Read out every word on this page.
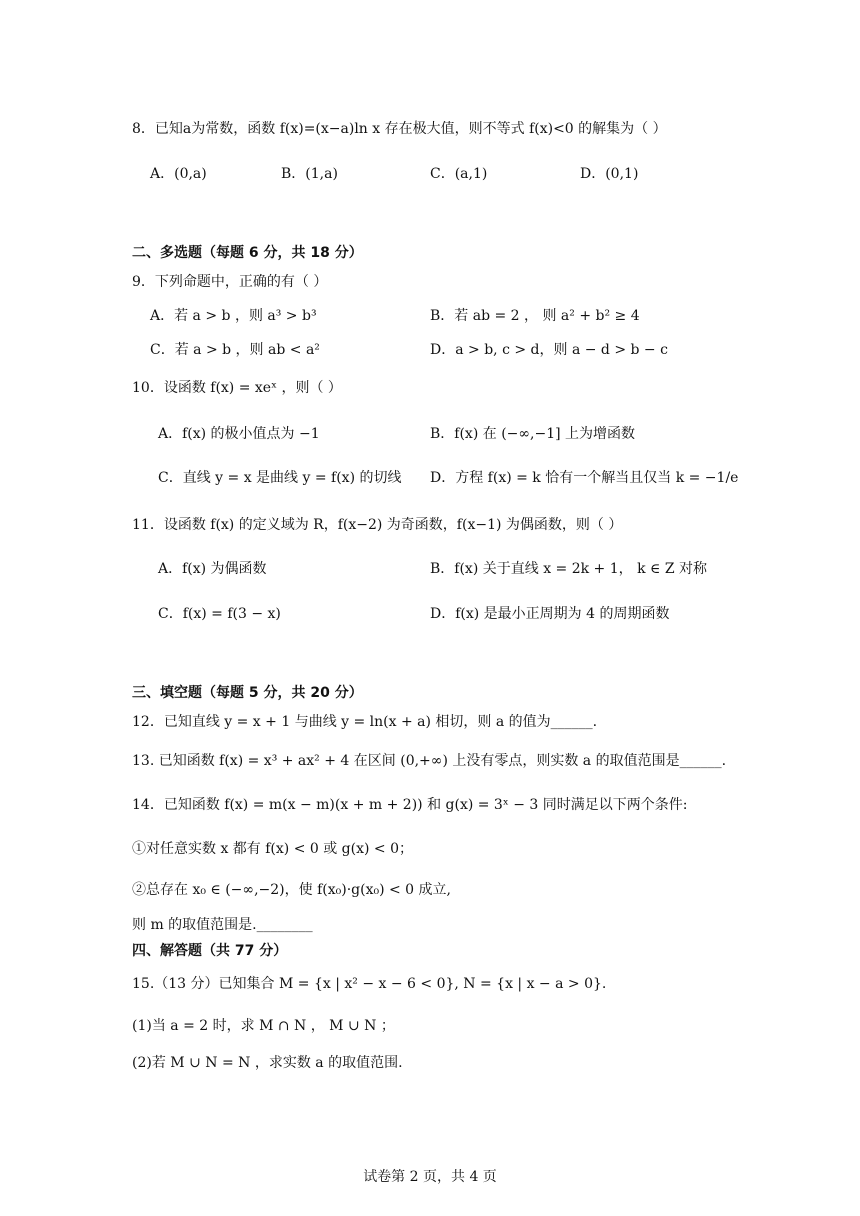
8．已知a为常数，函数 f(x)=(x−a)ln x 存在极大值，则不等式 f(x)<0 的解集为（ ）
A．(0,a)	B．(1,a)	C．(a,1)	D．(0,1)
二、多选题（每题 6 分，共 18 分）
9．下列命题中，正确的有（ ）
A．若 a > b ，则 a³ > b³	B．若 ab = 2 ， 则 a² + b² ≥ 4
C．若 a > b ，则 ab < a²	D．a > b, c > d，则 a − d > b − c
10．设函数 f(x) = xeˣ ，则（ ）
A．f(x) 的极小值点为 −1	B．f(x) 在 (−∞,−1] 上为增函数
C．直线 y = x 是曲线 y = f(x) 的切线 D．方程 f(x) = k 恰有一个解当且仅当 k = −1/e
11．设函数 f(x) 的定义域为 R，f(x−2) 为奇函数，f(x−1) 为偶函数，则（ ）
A．f(x) 为偶函数	B．f(x) 关于直线 x = 2k + 1， k ∈ Z 对称
C．f(x) = f(3 − x)	D．f(x) 是最小正周期为 4 的周期函数
三、填空题（每题 5 分，共 20 分）
12．已知直线 y = x + 1 与曲线 y = ln(x + a) 相切，则 a 的值为______.
13. 已知函数 f(x) = x³ + ax² + 4 在区间 (0,+∞) 上没有零点，则实数 a 的取值范围是______.
14．已知函数 f(x) = m(x − m)(x + m + 2)) 和 g(x) = 3ˣ − 3 同时满足以下两个条件:
①对任意实数 x 都有 f(x) < 0 或 g(x) < 0；
②总存在 x₀ ∈ (−∞,−2)，使 f(x₀)·g(x₀) < 0 成立,
则 m 的取值范围是.________
四、解答题（共 77 分）
15.（13 分）已知集合 M = {x | x² − x − 6 < 0}, N = {x | x − a > 0}.
(1)当 a = 2 时，求 M ∩ N ， M ∪ N ；
(2)若 M ∪ N = N ，求实数 a 的取值范围.
试卷第 2 页，共 4 页
